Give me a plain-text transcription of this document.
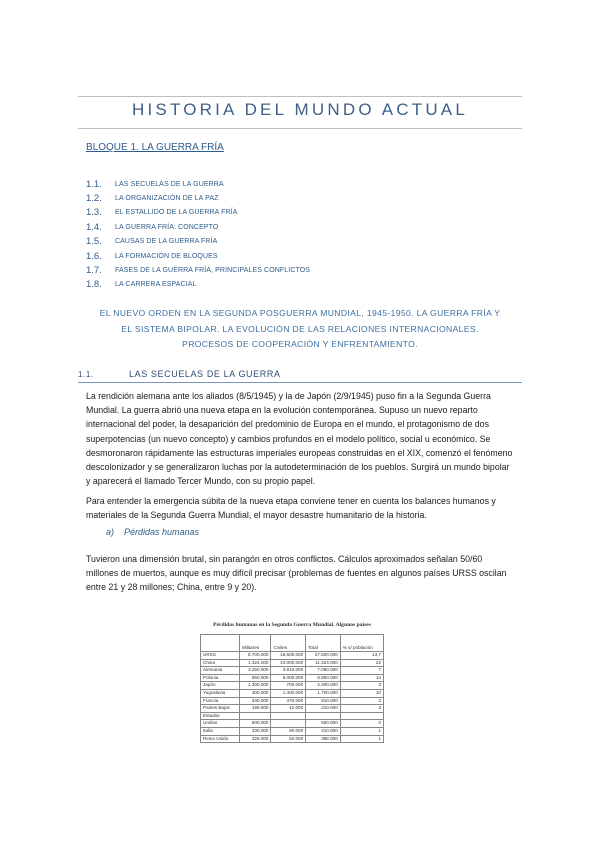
HISTORIA DEL MUNDO ACTUAL

BLOQUE 1. LA GUERRA FRÍA

1.1.	LAS SECUELAS DE LA GUERRA
1.2.	LA ORGANIZACIÓN DE LA PAZ
1.3.	EL ESTALLIDO DE LA GUERRA FRÍA
1.4.	LA GUERRA FRÍA: CONCEPTO
1.5.	CAUSAS DE LA GUERRA FRÍA
1.6.	LA FORMACIÓN DE BLOQUES
1.7.	FASES DE LA GUERRA FRÍA, PRINCIPALES CONFLICTOS
1.8.	LA CARRERA ESPACIAL

EL NUEVO ORDEN EN LA SEGUNDA POSGUERRA MUNDIAL, 1945-1950. LA GUERRA FRÍA Y EL SISTEMA BIPOLAR. LA EVOLUCIÓN DE LAS RELACIONES INTERNACIONALES. PROCESOS DE COOPERACIÓN Y ENFRENTAMIENTO.

1.1.	LAS SECUELAS DE LA GUERRA

La rendición alemana ante los aliados (8/5/1945) y la de Japón (2/9/1945) puso fin a la Segunda Guerra Mundial. La guerra abrió una nueva etapa en la evolución contemporánea. Supuso un nuevo reparto internacional del poder, la desaparición del predominio de Europa en el mundo, el protagonismo de dos superpotencias (un nuevo concepto) y cambios profundos en el modelo político, social u económico. Se desmoronaron rápidamente las estructuras imperiales europeas construidas en el XIX, comenzó el fenómeno descolonizador y se generalizaron luchas por la autodeterminación de los pueblos. Surgirá un mundo bipolar y aparecerá el llamado Tercer Mundo, con su propio papel.

Para entender la emergencia súbita de la nueva etapa conviene tener en cuenta los balances humanos y materiales de la Segunda Guerra Mundial, el mayor desastre humanitario de la historia.

a) Pérdidas humanas

Tuvieron una dimensión brutal, sin parangón en otros conflictos. Cálculos aproximados señalan 50/60 millones de muertos, aunque es muy difícil precisar (problemas de fuentes en algunos países URSS oscilan entre 21 y 28 millones; China, entre 9 y 20).

Pérdidas humanas en la Segunda Guerra Mundial. Algunos países

	Militares	Civiles	Total	% s/ población
URSS	8.700.000	18.500.000	27.500.000	13,7
China	1.324.000	10.000.000	11.324.000	22
Alemania	3.250.000	3.810.000	7.060.000	7
Polonia	850.000	6.000.000	6.850.000	14
Japón	1.300.000	700.000	2.000.000	3
Yugoslavia	300.000	1.400.000	1.700.000	10
Francia	340.000	470.000	810.000	2
Países Bajos	198.000	12.000	210.000	3
Estados				
Unidos	500.000		500.000	0
Italia	330.000	80.000	410.000	1
Reino Unido	326.000	62.000	388.000	1
